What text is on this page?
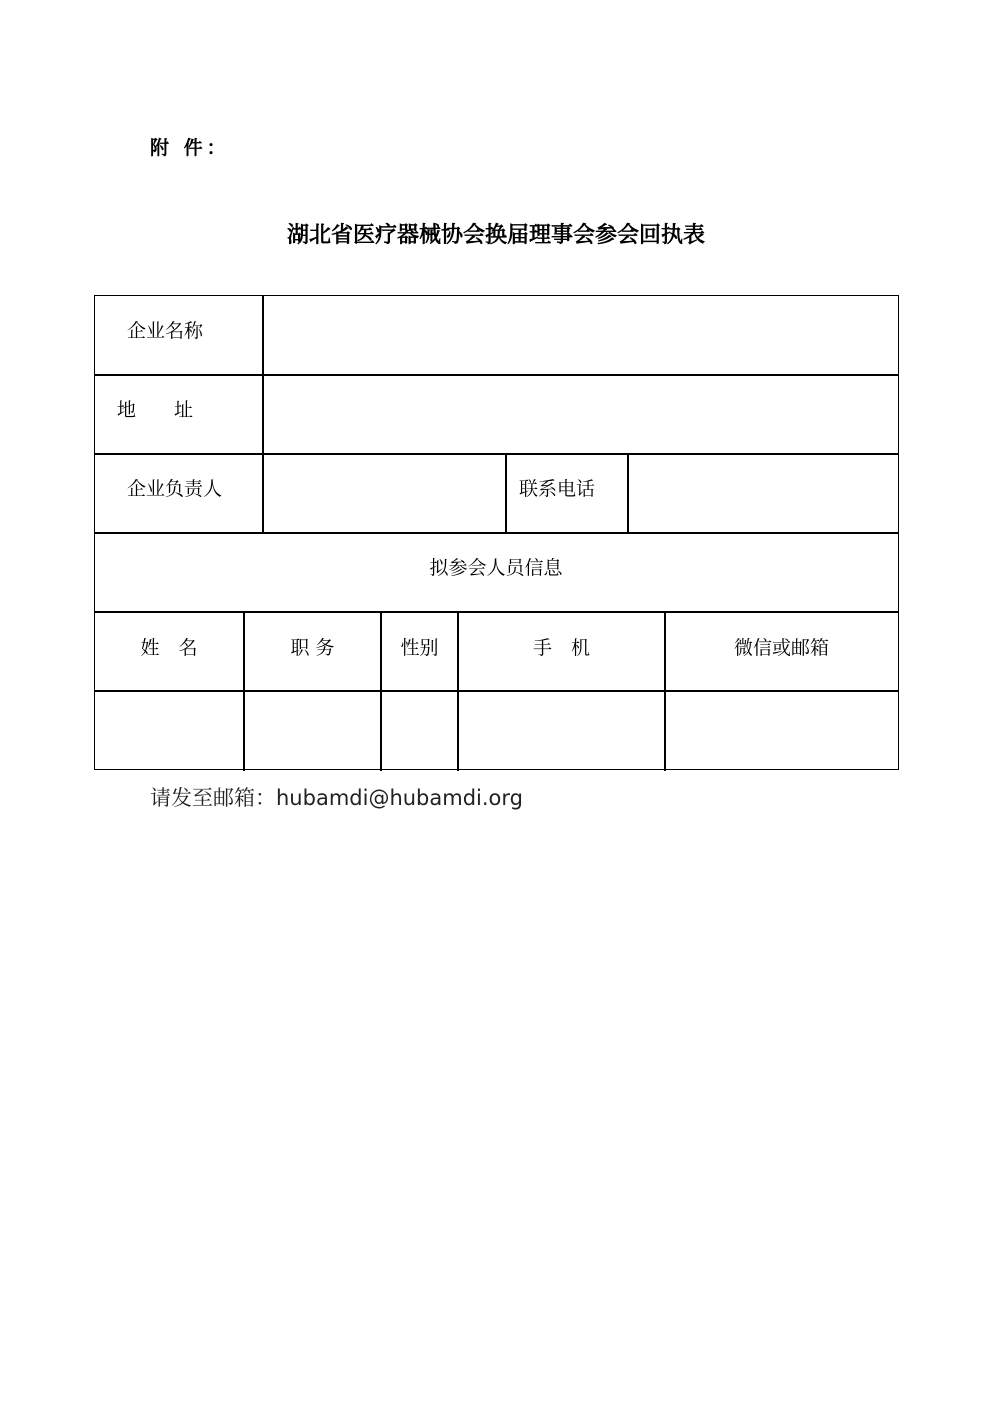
附 件：
湖北省医疗器械协会换届理事会参会回执表
企业名称
地　　址
企业负责人	联系电话
拟参会人员信息
姓　名	职 务	性别	手　机	微信或邮箱
请发至邮箱：hubamdi@hubamdi.org
